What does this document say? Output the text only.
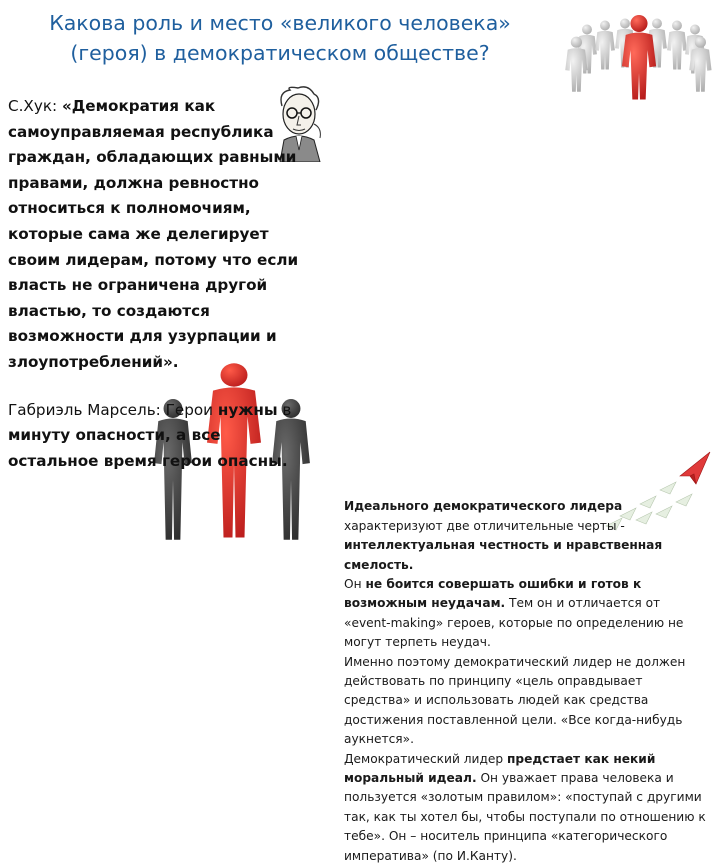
Какова роль и место «великого человека»
(героя) в демократическом обществе?

С.Хук: «Демократия как самоуправляемая республика граждан, обладающих равными правами, должна ревностно относиться к полномочиям, которые сама же делегирует своим лидерам, потому что если власть не ограничена другой властью, то создаются возможности для узурпации и злоупотреблений».

Габриэль Марсель: Герои нужны в минуту опасности, а все остальное время герои опасны.

Идеального демократического лидера характеризуют две отличительные черты - интеллектуальная честность и нравственная смелость.

Он не боится совершать ошибки и готов к возможным неудачам. Тем он и отличается от «event-making» героев, которые по определению не могут терпеть неудач.

Именно поэтому демократический лидер не должен действовать по принципу «цель оправдывает средства» и использовать людей как средства достижения поставленной цели. «Все когда-нибудь аукнется».

Демократический лидер предстает как некий моральный идеал. Он уважает права человека и пользуется «золотым правилом»: «поступай с другими так, как ты хотел бы, чтобы поступали по отношению к тебе». Он – носитель принципа «категорического императива» (по И.Канту).
